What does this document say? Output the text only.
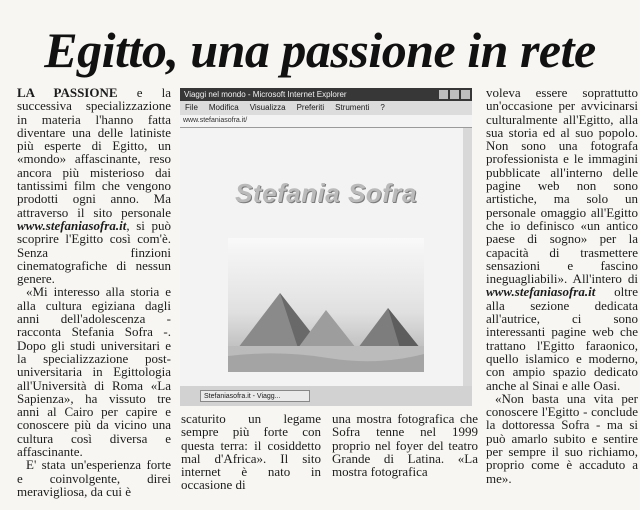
Egitto, una passione in rete

LA PASSIONE e la successiva specializzazione in materia l'hanno fatta diventare una delle latiniste più esperte di Egitto, un «mondo» affascinante, reso ancora più misterioso dai tantissimi film che vengono prodotti ogni anno. Ma attraverso il sito personale www.stefaniasofra.it, si può scoprire l'Egitto così com'è. Senza finzioni cinematografiche di nessun genere.

«Mi interesso alla storia e alla cultura egiziana dagli anni dell'adolescenza - racconta Stefania Sofra -. Dopo gli studi universitari e la specializzazione post-universitaria in Egittologia all'Università di Roma «La Sapienza», ha vissuto tre anni al Cairo per capire e conoscere più da vicino una cultura così diversa e affascinante.

E' stata un'esperienza forte e coinvolgente, direi meravigliosa, da cui è

Viaggi nel mondo - Microsoft Internet Explorer
File Modifica Visualizza Preferiti Strumenti ?
www.stefaniasofra.it/
Stefania Sofra
Stefaniasofra.it - Viagg...

scaturito un legame sempre più forte con questa terra: il cosiddetto mal d'Africa». Il sito internet è nato in occasione di

una mostra fotografica che Sofra tenne nel 1999 proprio nel foyer del teatro Grande di Latina. «La mostra fotografica

voleva essere soprattutto un'occasione per avvicinarsi culturalmente all'Egitto, alla sua storia ed al suo popolo. Non sono una fotografa professionista e le immagini pubblicate all'interno delle pagine web non sono artistiche, ma solo un personale omaggio all'Egitto che io definisco «un antico paese di sogno» per la capacità di trasmettere sensazioni e fascino ineguagliabili». All'intero di www.stefaniasofra.it oltre alla sezione dedicata all'autrice, ci sono interessanti pagine web che trattano l'Egitto faraonico, quello islamico e moderno, con ampio spazio dedicato anche al Sinai e alle Oasi.

«Non basta una vita per conoscere l'Egitto - conclude la dottoressa Sofra - ma si può amarlo subito e sentire per sempre il suo richiamo, proprio come è accaduto a me».
